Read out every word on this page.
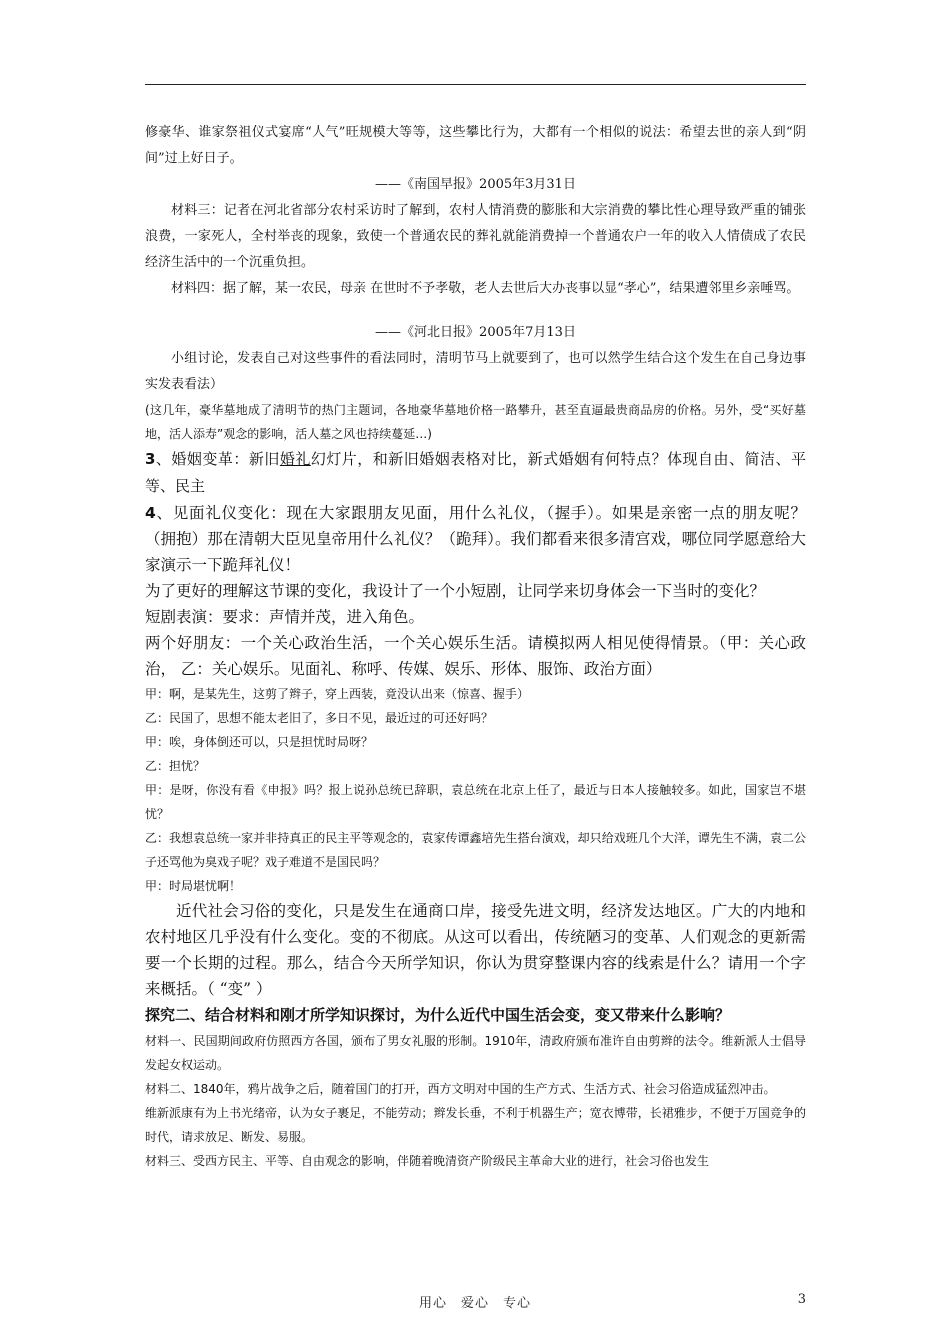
修豪华、谁家祭祖仪式宴席“人气”旺规模大等等，这些攀比行为，大都有一个相似的说法：希望去世的亲人到“阴间”过上好日子。

——《南国早报》2005年3月31日

材料三：记者在河北省部分农村采访时了解到，农村人情消费的膨胀和大宗消费的攀比性心理导致严重的铺张浪费，一家死人，全村举丧的现象，致使一个普通农民的葬礼就能消费掉一个普通农户一年的收入人情债成了农民经济生活中的一个沉重负担。

材料四：据了解，某一农民，母亲 在世时不予孝敬，老人去世后大办丧事以显“孝心”，结果遭邻里乡亲唾骂。

——《河北日报》2005年7月13日

小组讨论，发表自己对这些事件的看法同时，清明节马上就要到了，也可以然学生结合这个发生在自己身边事实发表看法）

(这几年，豪华墓地成了清明节的热门主题词，各地豪华墓地价格一路攀升，甚至直逼最贵商品房的价格。另外，受“买好墓地，活人添寿”观念的影响，活人墓之风也持续蔓延…)

3、婚姻变革：新旧婚礼幻灯片，和新旧婚姻表格对比，新式婚姻有何特点？体现自由、简洁、平等、民主

4、见面礼仪变化：现在大家跟朋友见面，用什么礼仪，（握手）。如果是亲密一点的朋友呢？（拥抱）那在清朝大臣见皇帝用什么礼仪？（跪拜）。我们都看来很多清宫戏，哪位同学愿意给大家演示一下跪拜礼仪！

为了更好的理解这节课的变化，我设计了一个小短剧，让同学来切身体会一下当时的变化？

短剧表演：要求：声情并茂，进入角色。

两个好朋友：一个关心政治生活，一个关心娱乐生活。请模拟两人相见使得情景。（甲：关心政治， 乙：关心娱乐。见面礼、称呼、传媒、娱乐、形体、服饰、政治方面）

甲：啊，是某先生，这剪了辫子，穿上西装，竟没认出来（惊喜、握手）

乙：民国了，思想不能太老旧了，多日不见，最近过的可还好吗？

甲：唉，身体倒还可以，只是担忧时局呀？

乙：担忧？

甲：是呀，你没有看《申报》吗？报上说孙总统已辞职，袁总统在北京上任了，最近与日本人接触较多。如此，国家岂不堪忧？

乙：我想袁总统一家并非持真正的民主平等观念的，袁家传谭鑫培先生搭台演戏，却只给戏班几个大洋，谭先生不满，袁二公子还骂他为臭戏子呢？戏子难道不是国民吗？

甲：时局堪忧啊！

近代社会习俗的变化，只是发生在通商口岸，接受先进文明，经济发达地区。广大的内地和农村地区几乎没有什么变化。变的不彻底。从这可以看出，传统陋习的变革、人们观念的更新需要一个长期的过程。那么，结合今天所学知识，你认为贯穿整课内容的线索是什么？请用一个字来概括。（ “变” ）

探究二、结合材料和刚才所学知识探讨，为什么近代中国生活会变，变又带来什么影响？

材料一、民国期间政府仿照西方各国，颁布了男女礼服的形制。1910年，清政府颁布准许自由剪辫的法令。维新派人士倡导发起女权运动。

材料二、1840年，鸦片战争之后，随着国门的打开，西方文明对中国的生产方式、生活方式、社会习俗造成猛烈冲击。

维新派康有为上书光绪帝，认为女子裹足，不能劳动；辫发长垂，不利于机器生产；宽衣博带，长裙雅步，不便于万国竞争的时代，请求放足、断发、易服。

材料三、受西方民主、平等、自由观念的影响，伴随着晚清资产阶级民主革命大业的进行，社会习俗也发生

用心　爱心　专心	3
